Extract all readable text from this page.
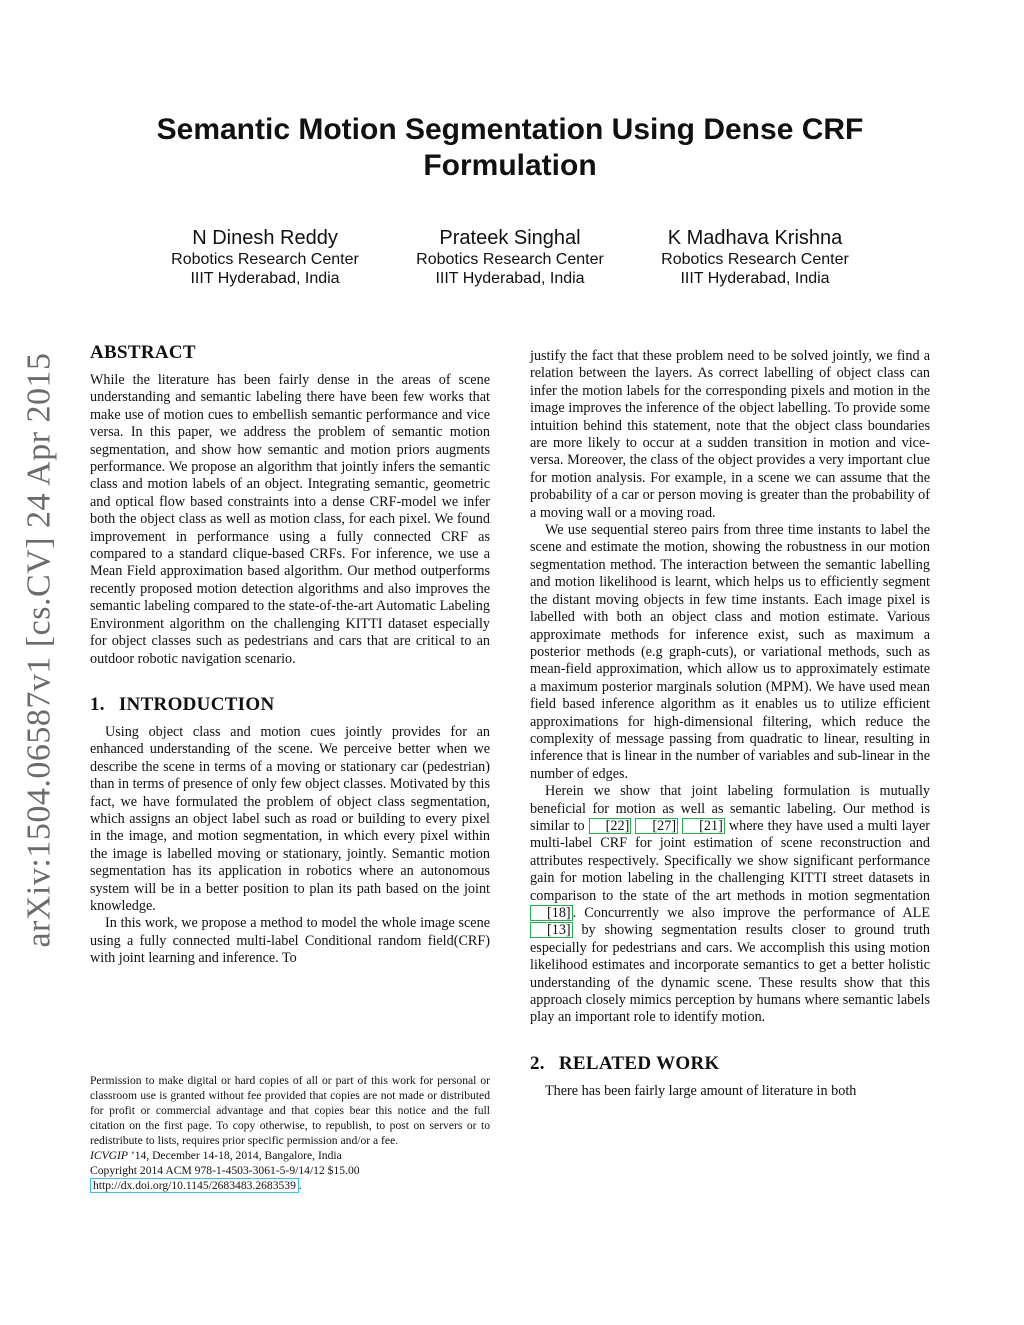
arXiv:1504.06587v1 [cs.CV] 24 Apr 2015
Semantic Motion Segmentation Using Dense CRF Formulation
N Dinesh Reddy
Robotics Research Center
IIIT Hyderabad, India
Prateek Singhal
Robotics Research Center
IIIT Hyderabad, India
K Madhava Krishna
Robotics Research Center
IIIT Hyderabad, India
ABSTRACT

While the literature has been fairly dense in the areas of scene understanding and semantic labeling there have been few works that make use of motion cues to embellish semantic performance and vice versa. In this paper, we address the problem of semantic motion segmentation, and show how semantic and motion priors augments performance. We propose an algorithm that jointly infers the semantic class and motion labels of an object. Integrating semantic, geometric and optical flow based constraints into a dense CRF-model we infer both the object class as well as motion class, for each pixel. We found improvement in performance using a fully connected CRF as compared to a standard clique-based CRFs. For inference, we use a Mean Field approximation based algorithm. Our method outperforms recently proposed motion detection algorithms and also improves the semantic labeling compared to the state-of-the-art Automatic Labeling Environment algorithm on the challenging KITTI dataset especially for object classes such as pedestrians and cars that are critical to an outdoor robotic navigation scenario.

1. INTRODUCTION

Using object class and motion cues jointly provides for an enhanced understanding of the scene. We perceive better when we describe the scene in terms of a moving or stationary car (pedestrian) than in terms of presence of only few object classes. Motivated by this fact, we have formulated the problem of object class segmentation, which assigns an object label such as road or building to every pixel in the image, and motion segmentation, in which every pixel within the image is labelled moving or stationary, jointly. Semantic motion segmentation has its application in robotics where an autonomous system will be in a better position to plan its path based on the joint knowledge.

In this work, we propose a method to model the whole image scene using a fully connected multi-label Conditional random field(CRF) with joint learning and inference. To

Permission to make digital or hard copies of all or part of this work for personal or classroom use is granted without fee provided that copies are not made or distributed for profit or commercial advantage and that copies bear this notice and the full citation on the first page. To copy otherwise, to republish, to post on servers or to redistribute to lists, requires prior specific permission and/or a fee.

ICVGIP ’14, December 14-18, 2014, Bangalore, India
Copyright 2014 ACM 978-1-4503-3061-5-9/14/12 $15.00
http://dx.doi.org/10.1145/2683483.2683539 .

justify the fact that these problem need to be solved jointly, we find a relation between the layers. As correct labelling of object class can infer the motion labels for the corresponding pixels and motion in the image improves the inference of the object labelling. To provide some intuition behind this statement, note that the object class boundaries are more likely to occur at a sudden transition in motion and vice-versa. Moreover, the class of the object provides a very important clue for motion analysis. For example, in a scene we can assume that the probability of a car or person moving is greater than the probability of a moving wall or a moving road.

We use sequential stereo pairs from three time instants to label the scene and estimate the motion, showing the robustness in our motion segmentation method. The interaction between the semantic labelling and motion likelihood is learnt, which helps us to efficiently segment the distant moving objects in few time instants. Each image pixel is labelled with both an object class and motion estimate. Various approximate methods for inference exist, such as maximum a posterior methods (e.g graph-cuts), or variational methods, such as mean-field approximation, which allow us to approximately estimate a maximum posterior marginals solution (MPM). We have used mean field based inference algorithm as it enables us to utilize efficient approximations for high-dimensional filtering, which reduce the complexity of message passing from quadratic to linear, resulting in inference that is linear in the number of variables and sub-linear in the number of edges.

Herein we show that joint labeling formulation is mutually beneficial for motion as well as semantic labeling. Our method is similar to [22] [27] [21] where they have used a multi layer multi-label CRF for joint estimation of scene reconstruction and attributes respectively. Specifically we show significant performance gain for motion labeling in the challenging KITTI street datasets in comparison to the state of the art methods in motion segmentation [18] . Concurrently we also improve the performance of ALE [13] by showing segmentation results closer to ground truth especially for pedestrians and cars. We accomplish this using motion likelihood estimates and incorporate semantics to get a better holistic understanding of the dynamic scene. These results show that this approach closely mimics perception by humans where semantic labels play an important role to identify motion.

2. RELATED WORK

There has been fairly large amount of literature in both
